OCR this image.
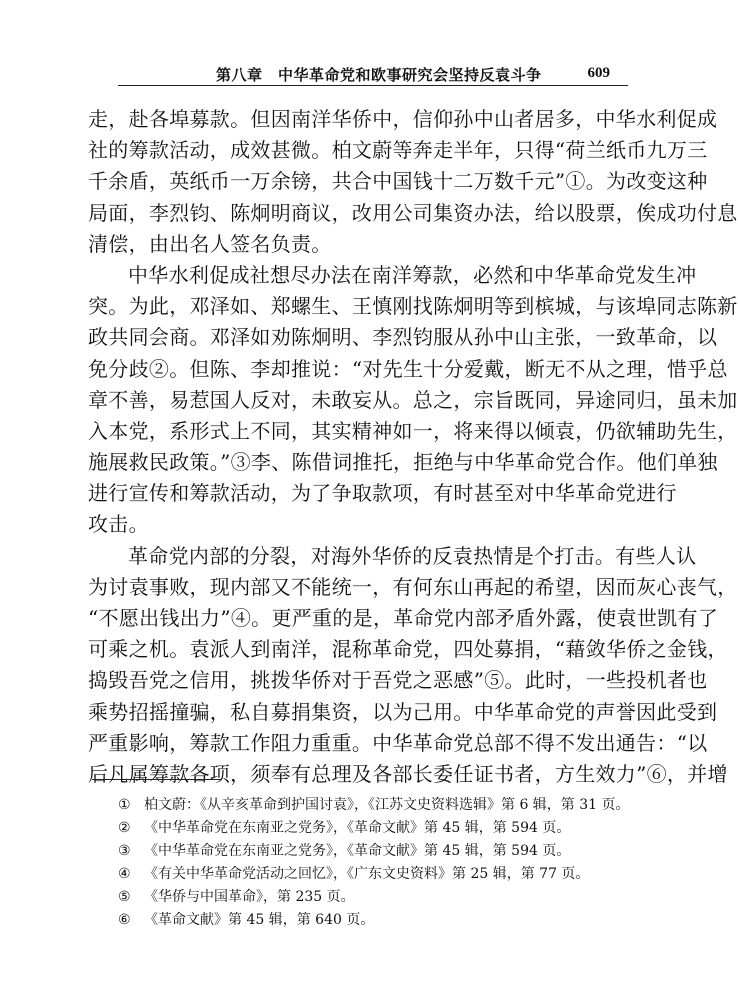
第八章　中华革命党和欧事研究会坚持反袁斗争	609
走，赴各埠募款。但因南洋华侨中，信仰孙中山者居多，中华水利促成
社的筹款活动，成效甚微。柏文蔚等奔走半年，只得“荷兰纸币九万三
千余盾，英纸币一万余镑，共合中国钱十二万数千元”①。为改变这种
局面，李烈钧、陈炯明商议，改用公司集资办法，给以股票，俟成功付息
清偿，由出名人签名负责。
中华水利促成社想尽办法在南洋筹款，必然和中华革命党发生冲
突。为此，邓泽如、郑螺生、王慎刚找陈炯明等到槟城，与该埠同志陈新
政共同会商。邓泽如劝陈炯明、李烈钧服从孙中山主张，一致革命，以
免分歧②。但陈、李却推说：“对先生十分爱戴，断无不从之理，惜乎总
章不善，易惹国人反对，未敢妄从。总之，宗旨既同，异途同归，虽未加
入本党，系形式上不同，其实精神如一，将来得以倾袁，仍欲辅助先生，
施展救民政策。”③李、陈借词推托，拒绝与中华革命党合作。他们单独
进行宣传和筹款活动，为了争取款项，有时甚至对中华革命党进行
攻击。
革命党内部的分裂，对海外华侨的反袁热情是个打击。有些人认
为讨袁事败，现内部又不能统一，有何东山再起的希望，因而灰心丧气，
“不愿出钱出力”④。更严重的是，革命党内部矛盾外露，使袁世凯有了
可乘之机。袁派人到南洋，混称革命党，四处募捐，“藉敛华侨之金钱，
捣毁吾党之信用，挑拨华侨对于吾党之恶感”⑤。此时，一些投机者也
乘势招摇撞骗，私自募捐集资，以为己用。中华革命党的声誉因此受到
严重影响，筹款工作阻力重重。中华革命党总部不得不发出通告：“以
后凡属筹款各项，须奉有总理及各部长委任证书者，方生效力”⑥，并增
① 柏文蔚：《从辛亥革命到护国讨袁》，《江苏文史资料选辑》第 6 辑，第 31 页。
② 《中华革命党在东南亚之党务》，《革命文献》第 45 辑，第 594 页。
③ 《中华革命党在东南亚之党务》，《革命文献》第 45 辑，第 594 页。
④ 《有关中华革命党活动之回忆》，《广东文史资料》第 25 辑，第 77 页。
⑤ 《华侨与中国革命》，第 235 页。
⑥ 《革命文献》第 45 辑，第 640 页。
